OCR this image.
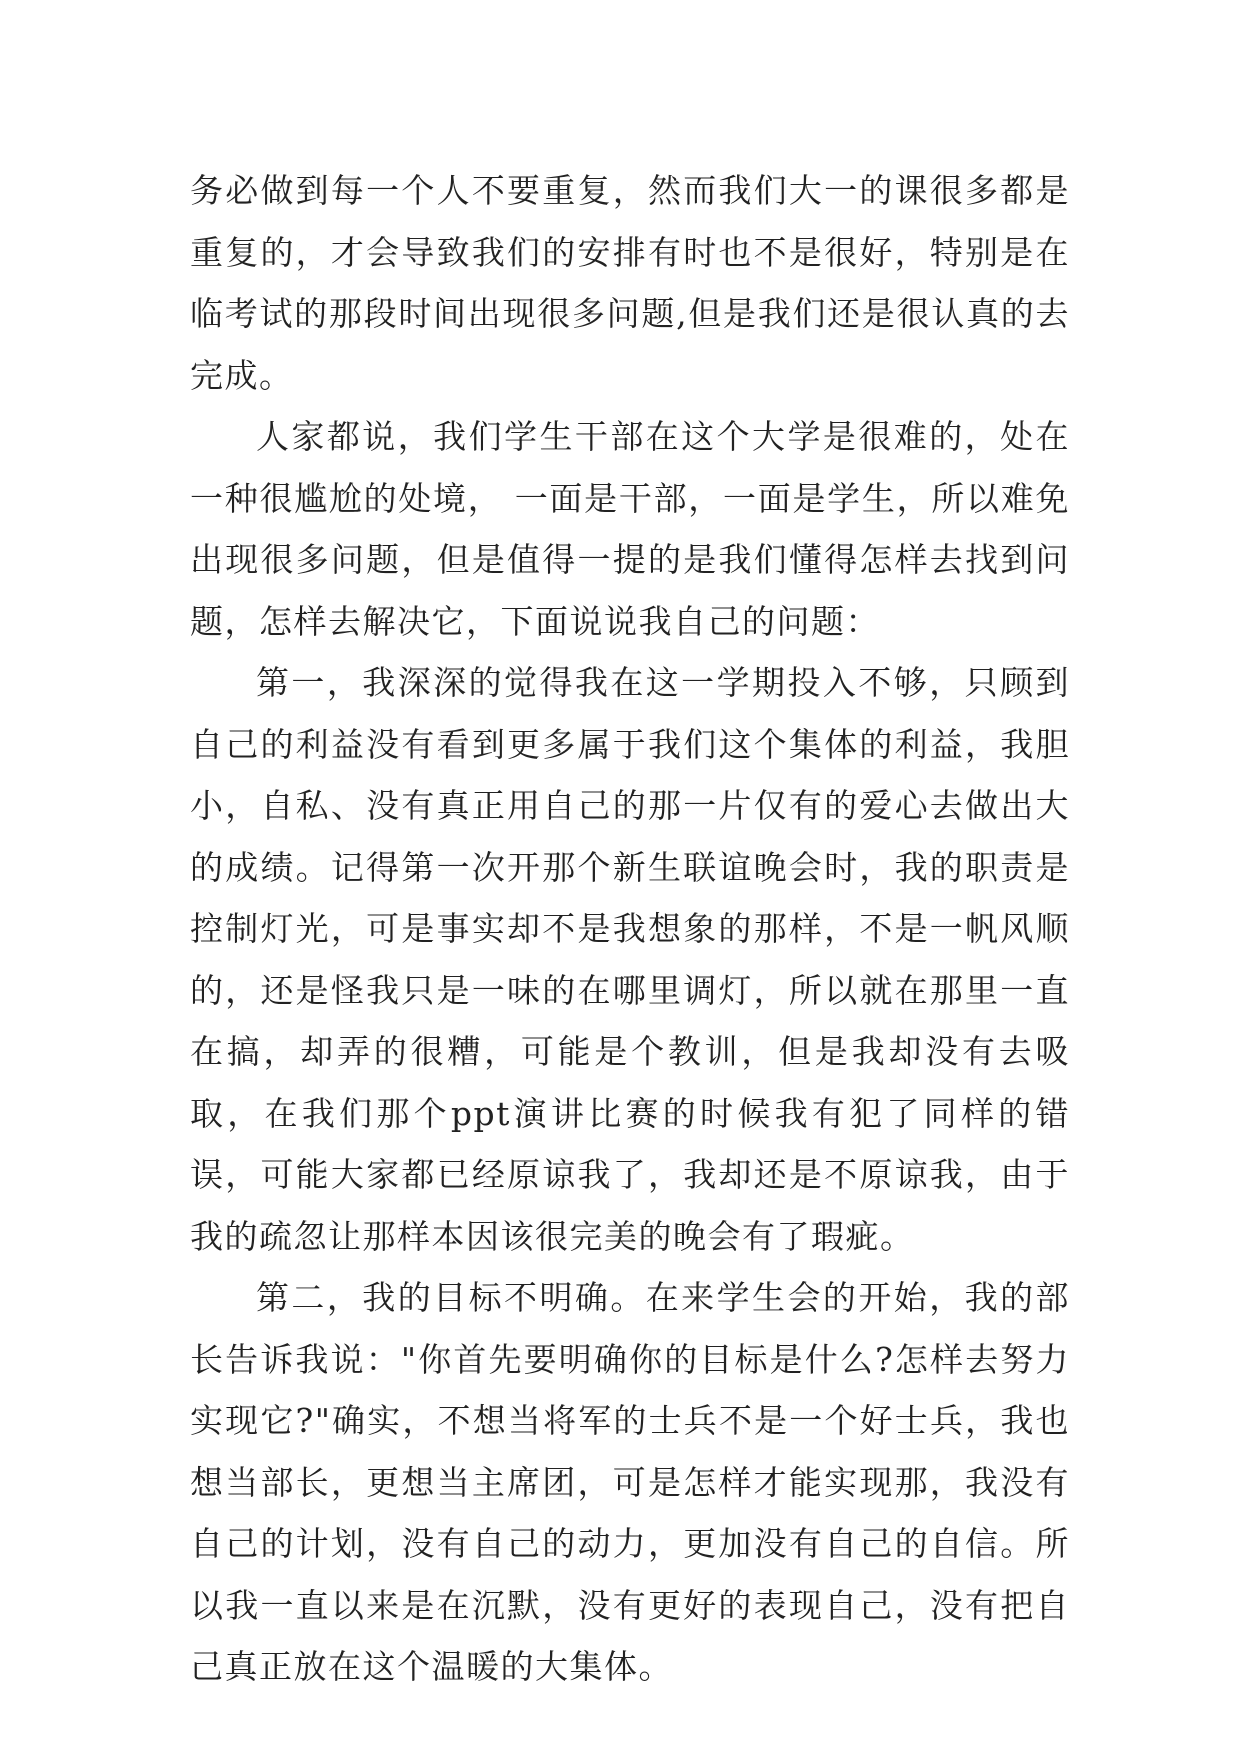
务必做到每一个人不要重复，然而我们大一的课很多都是重复的，才会导致我们的安排有时也不是很好，特别是在临考试的那段时间出现很多问题,但是我们还是很认真的去完成。

人家都说，我们学生干部在这个大学是很难的，处在一种很尴尬的处境， 一面是干部，一面是学生，所以难免出现很多问题，但是值得一提的是我们懂得怎样去找到问题，怎样去解决它，下面说说我自己的问题：

第一，我深深的觉得我在这一学期投入不够，只顾到自己的利益没有看到更多属于我们这个集体的利益，我胆小，自私、没有真正用自己的那一片仅有的爱心去做出大的成绩。记得第一次开那个新生联谊晚会时，我的职责是控制灯光，可是事实却不是我想象的那样，不是一帆风顺的，还是怪我只是一味的在哪里调灯，所以就在那里一直在搞，却弄的很糟，可能是个教训，但是我却没有去吸取，在我们那个ppt演讲比赛的时候我有犯了同样的错误，可能大家都已经原谅我了，我却还是不原谅我，由于我的疏忽让那样本因该很完美的晚会有了瑕疵。

第二，我的目标不明确。在来学生会的开始，我的部长告诉我说："你首先要明确你的目标是什么?怎样去努力实现它?"确实，不想当将军的士兵不是一个好士兵，我也想当部长，更想当主席团，可是怎样才能实现那，我没有自己的计划，没有自己的动力，更加没有自己的自信。所以我一直以来是在沉默，没有更好的表现自己，没有把自己真正放在这个温暖的大集体。
